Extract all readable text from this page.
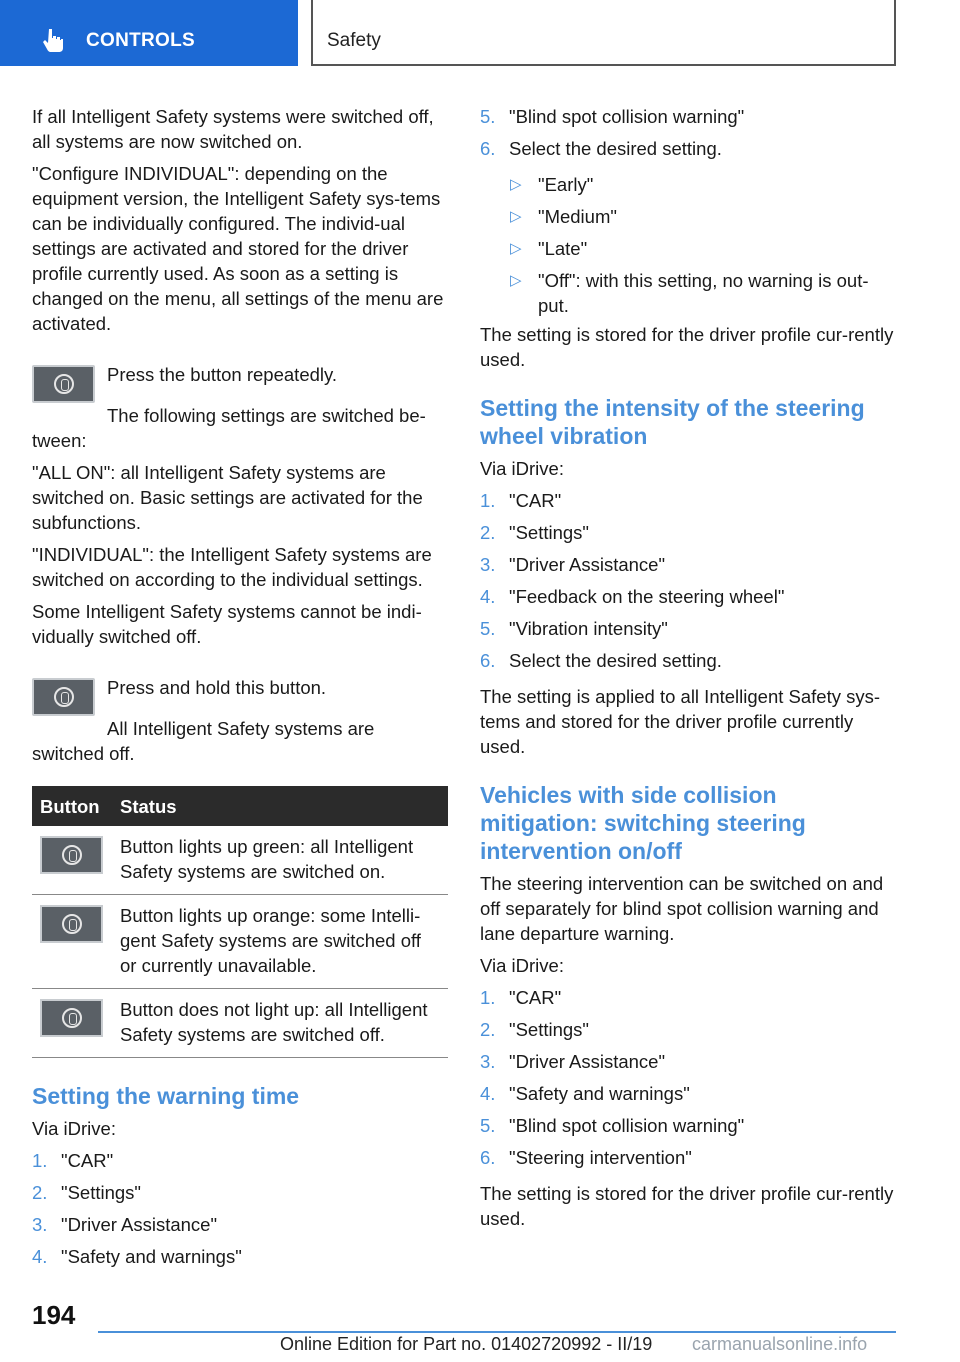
CONTROLS	Safety

If all Intelligent Safety systems were switched off, all systems are now switched on.

"Configure INDIVIDUAL": depending on the equipment version, the Intelligent Safety sys‐tems can be individually configured. The individ‐ual settings are activated and stored for the driver profile currently used. As soon as a setting is changed on the menu, all settings of the menu are activated.

Press the button repeatedly.

The following settings are switched be‐tween:

"ALL ON": all Intelligent Safety systems are switched on. Basic settings are activated for the subfunctions.

"INDIVIDUAL": the Intelligent Safety systems are switched on according to the individual settings.

Some Intelligent Safety systems cannot be indi‐vidually switched off.

Press and hold this button.

All Intelligent Safety systems are switched off.

Button	Status

	Button lights up green: all Intelligent Safety systems are switched on.

	Button lights up orange: some Intelli‐gent Safety systems are switched off or currently unavailable.

	Button does not light up: all Intelligent Safety systems are switched off.
Setting the warning time

Via iDrive:

1. "CAR"
2. "Settings"
3. "Driver Assistance"
4. "Safety and warnings"
5. "Blind spot collision warning"
6. Select the desired setting.
▷ "Early"
▷ "Medium"
▷ "Late"
▷ "Off": with this setting, no warning is out‐put.

The setting is stored for the driver profile cur‐rently used.

Setting the intensity of the steering wheel vibration

Via iDrive:

1. "CAR"
2. "Settings"
3. "Driver Assistance"
4. "Feedback on the steering wheel"
5. "Vibration intensity"
6. Select the desired setting.

The setting is applied to all Intelligent Safety sys‐tems and stored for the driver profile currently used.

Vehicles with side collision mitigation: switching steering intervention on/off

The steering intervention can be switched on and off separately for blind spot collision warning and lane departure warning.

Via iDrive:

1. "CAR"
2. "Settings"
3. "Driver Assistance"
4. "Safety and warnings"
5. "Blind spot collision warning"
6. "Steering intervention"

The setting is stored for the driver profile cur‐rently used.

194
Online Edition for Part no. 01402720992 - II/19 carmanualsonline.info
